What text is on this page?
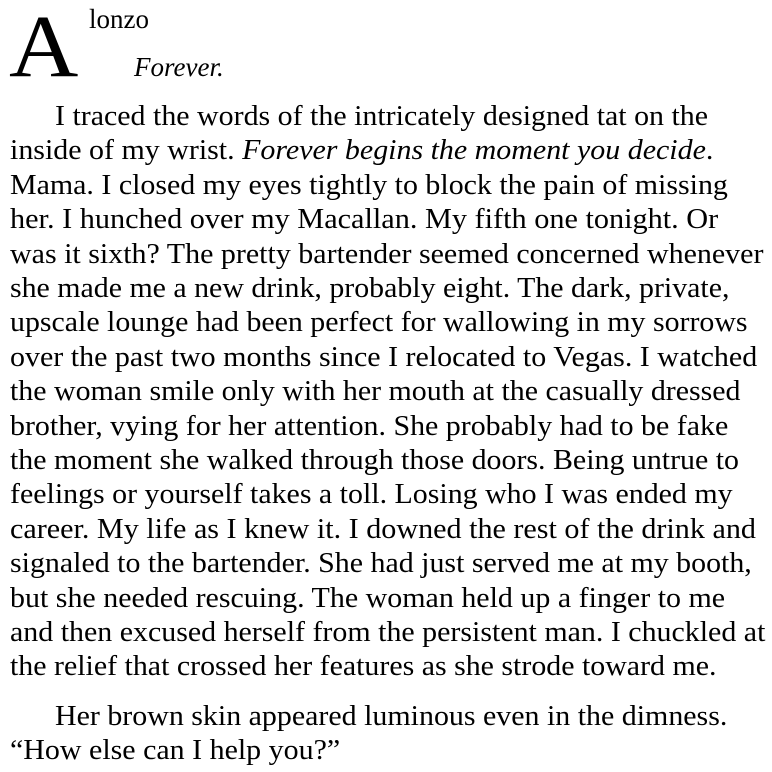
A lonzo
Forever.
I traced the words of the intricately designed tat on the
inside of my wrist. Forever begins the moment you decide.
Mama. I closed my eyes tightly to block the pain of missing
her. I hunched over my Macallan. My fifth one tonight. Or
was it sixth? The pretty bartender seemed concerned whenever
she made me a new drink, probably eight. The dark, private,
upscale lounge had been perfect for wallowing in my sorrows
over the past two months since I relocated to Vegas. I watched
the woman smile only with her mouth at the casually dressed
brother, vying for her attention. She probably had to be fake
the moment she walked through those doors. Being untrue to
feelings or yourself takes a toll. Losing who I was ended my
career. My life as I knew it. I downed the rest of the drink and
signaled to the bartender. She had just served me at my booth,
but she needed rescuing. The woman held up a finger to me
and then excused herself from the persistent man. I chuckled at
the relief that crossed her features as she strode toward me.
Her brown skin appeared luminous even in the dimness.
“How else can I help you?”
